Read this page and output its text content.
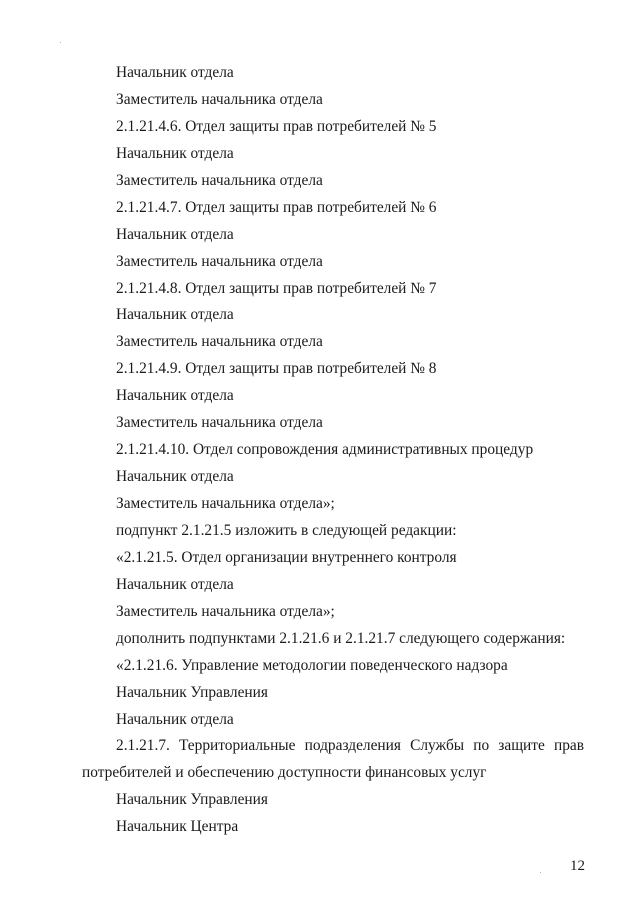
Начальник отдела
Заместитель начальника отдела
2.1.21.4.6. Отдел защиты прав потребителей № 5
Начальник отдела
Заместитель начальника отдела
2.1.21.4.7. Отдел защиты прав потребителей № 6
Начальник отдела
Заместитель начальника отдела
2.1.21.4.8. Отдел защиты прав потребителей № 7
Начальник отдела
Заместитель начальника отдела
2.1.21.4.9. Отдел защиты прав потребителей № 8
Начальник отдела
Заместитель начальника отдела
2.1.21.4.10. Отдел сопровождения административных процедур
Начальник отдела
Заместитель начальника отдела»;
подпункт 2.1.21.5 изложить в следующей редакции:
«2.1.21.5. Отдел организации внутреннего контроля
Начальник отдела
Заместитель начальника отдела»;
дополнить подпунктами 2.1.21.6 и 2.1.21.7 следующего содержания:
«2.1.21.6. Управление методологии поведенческого надзора
Начальник Управления
Начальник отдела
2.1.21.7. Территориальные подразделения Службы по защите прав
потребителей и обеспечению доступности финансовых услуг
Начальник Управления
Начальник Центра
12
